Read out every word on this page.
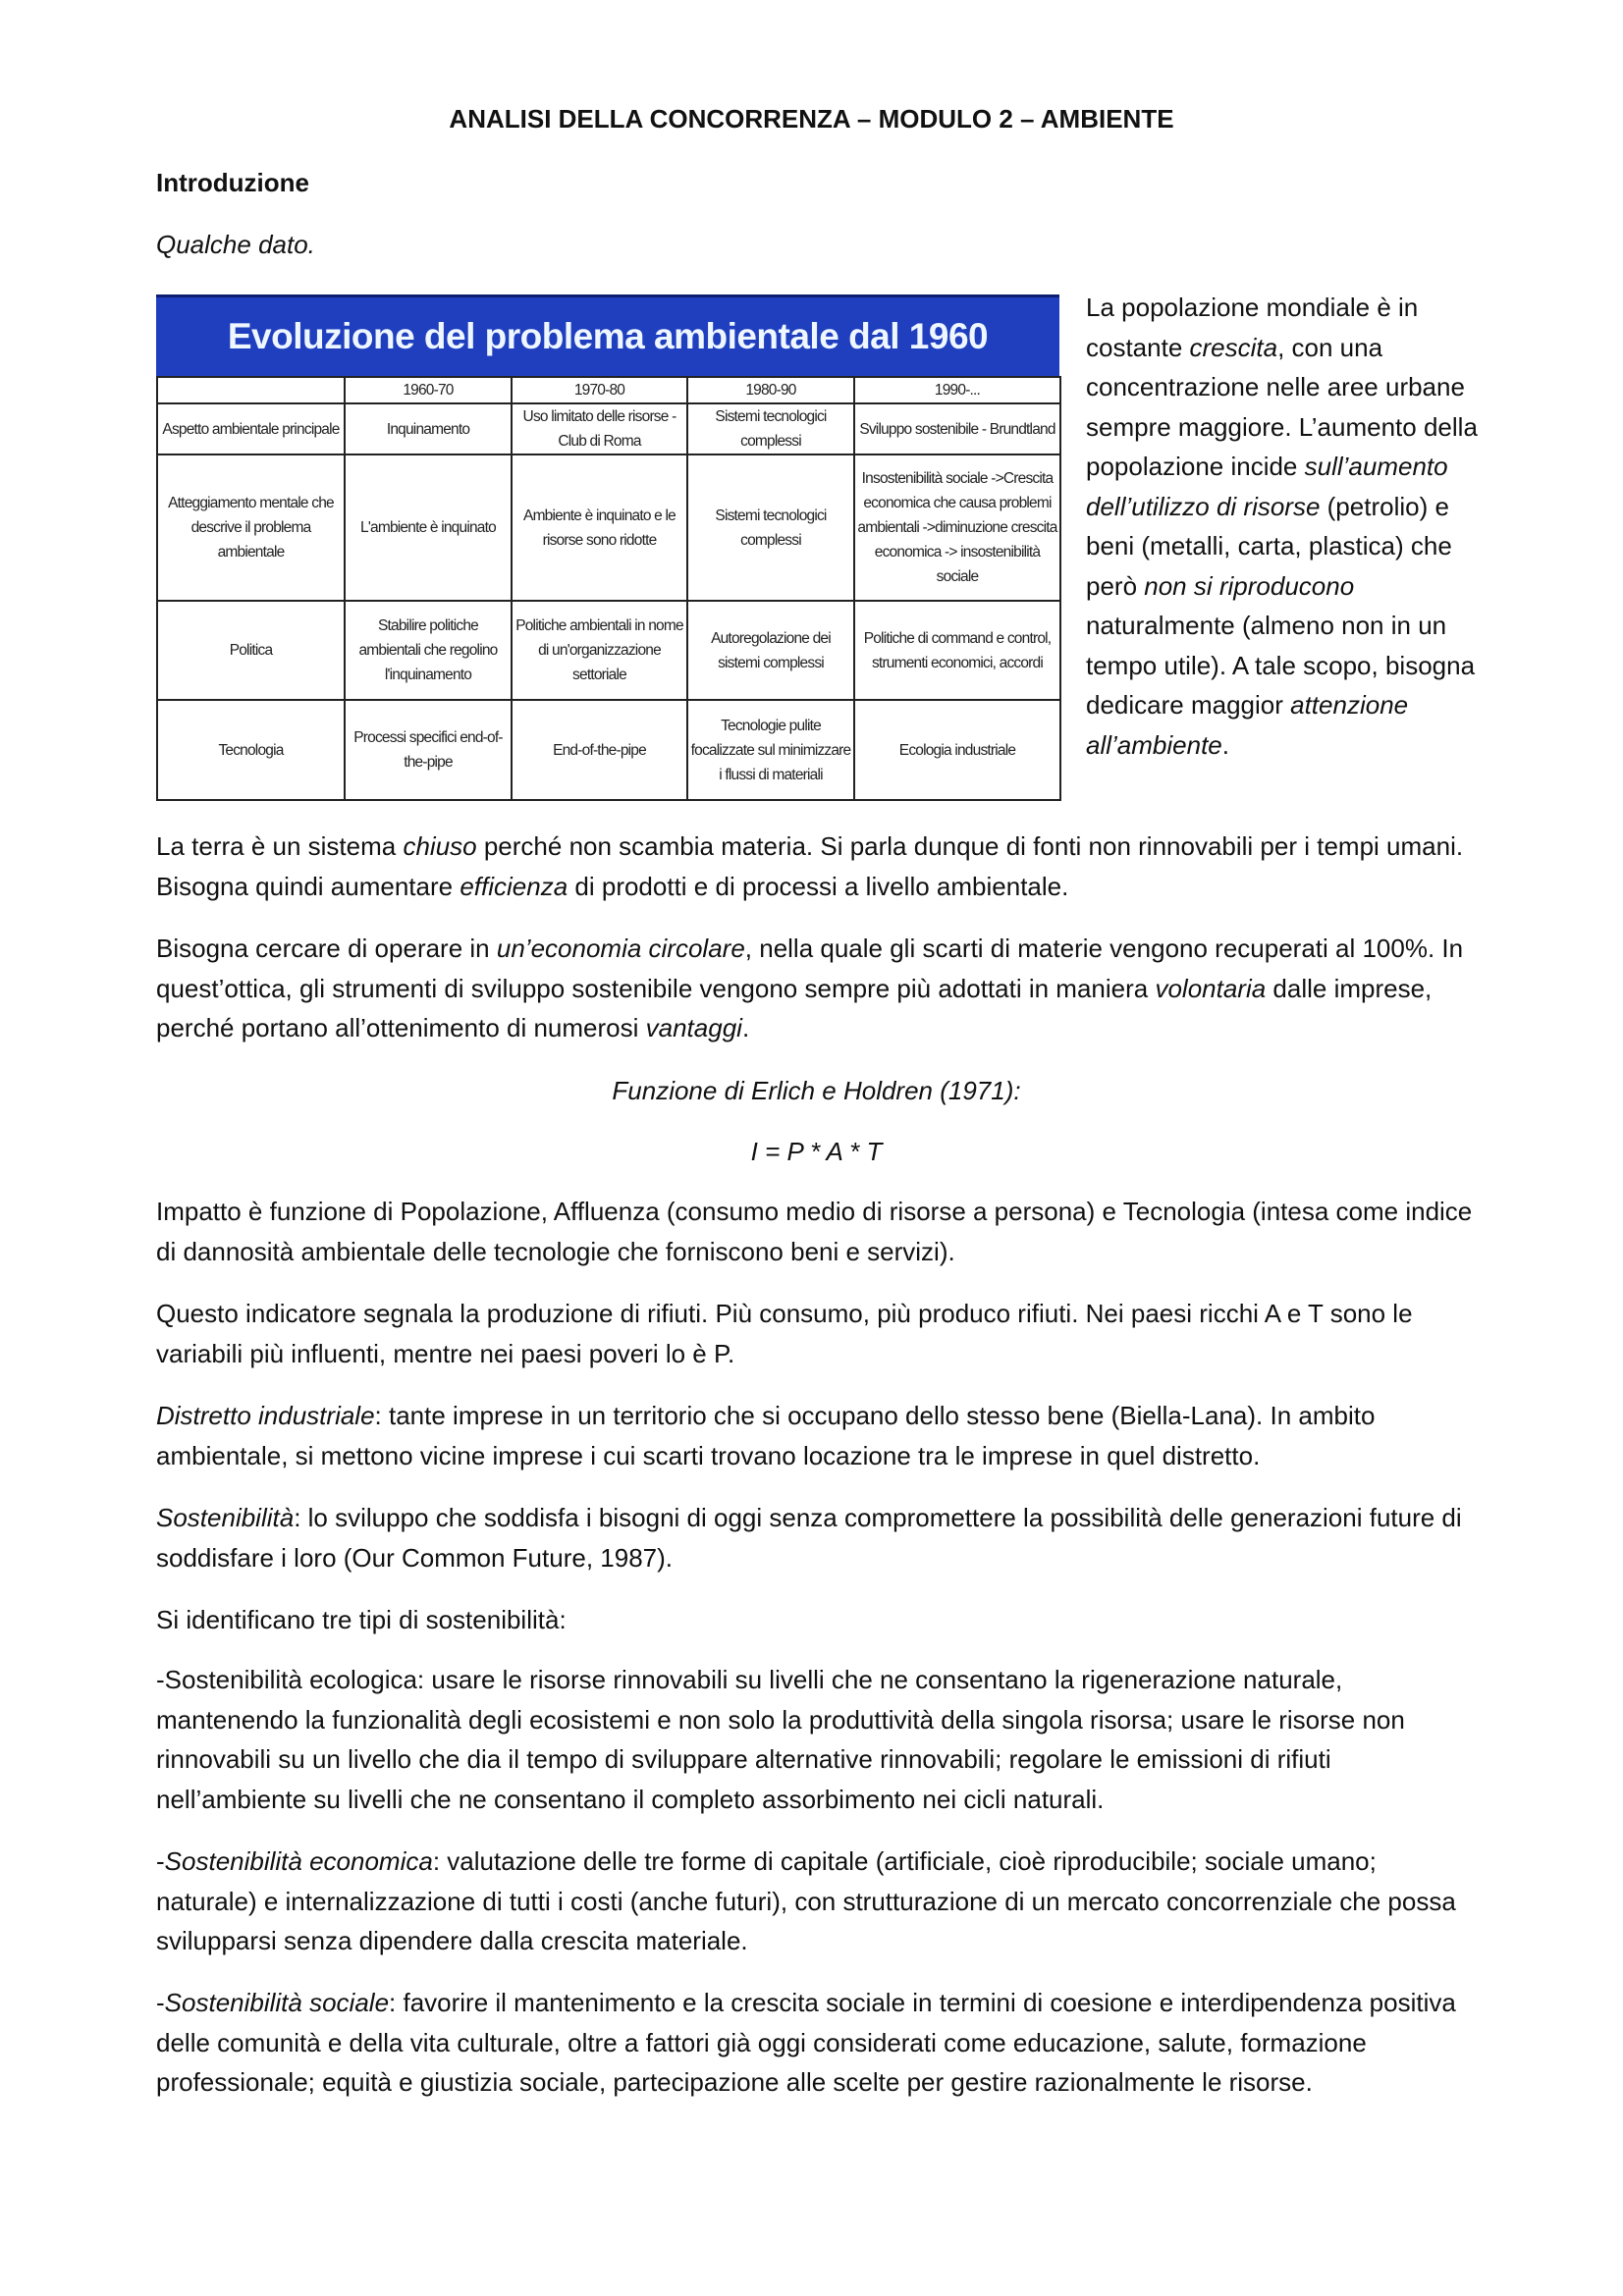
ANALISI DELLA CONCORRENZA – MODULO 2 – AMBIENTE

Introduzione

Qualche dato.

Evoluzione del problema ambientale dal 1960
	1960-70	1970-80	1980-90	1990-...
Aspetto ambientale principale	Inquinamento	Uso limitato delle risorse - Club di Roma	Sistemi tecnologici complessi	Sviluppo sostenibile - Brundtland
Atteggiamento mentale che descrive il problema ambientale	L'ambiente è inquinato	Ambiente è inquinato e le risorse sono ridotte	Sistemi tecnologici complessi	Insostenibilità sociale ->Crescita economica che causa problemi ambientali ->diminuzione crescita economica -> insostenibilità sociale
Politica	Stabilire politiche ambientali che regolino l'inquinamento	Politiche ambientali in nome di un'organizzazione settoriale	Autoregolazione dei sistemi complessi	Politiche di command e control, strumenti economici, accordi
Tecnologia	Processi specifici end-of-the-pipe	End-of-the-pipe	Tecnologie pulite focalizzate sul minimizzare i flussi di materiali	Ecologia industriale
La popolazione mondiale è in costante crescita, con una concentrazione nelle aree urbane sempre maggiore. L’aumento della popolazione incide sull’aumento dell’utilizzo di risorse (petrolio) e beni (metalli, carta, plastica) che però non si riproducono naturalmente (almeno non in un tempo utile). A tale scopo, bisogna dedicare maggior attenzione all’ambiente.

La terra è un sistema chiuso perché non scambia materia. Si parla dunque di fonti non rinnovabili per i tempi umani. Bisogna quindi aumentare efficienza di prodotti e di processi a livello ambientale.

Bisogna cercare di operare in un’economia circolare, nella quale gli scarti di materie vengono recuperati al 100%. In quest’ottica, gli strumenti di sviluppo sostenibile vengono sempre più adottati in maniera volontaria dalle imprese, perché portano all’ottenimento di numerosi vantaggi.

Funzione di Erlich e Holdren (1971):

I = P * A * T

Impatto è funzione di Popolazione, Affluenza (consumo medio di risorse a persona) e Tecnologia (intesa come indice di dannosità ambientale delle tecnologie che forniscono beni e servizi).

Questo indicatore segnala la produzione di rifiuti. Più consumo, più produco rifiuti. Nei paesi ricchi A e T sono le variabili più influenti, mentre nei paesi poveri lo è P.

Distretto industriale: tante imprese in un territorio che si occupano dello stesso bene (Biella-Lana). In ambito ambientale, si mettono vicine imprese i cui scarti trovano locazione tra le imprese in quel distretto.

Sostenibilità: lo sviluppo che soddisfa i bisogni di oggi senza compromettere la possibilità delle generazioni future di soddisfare i loro (Our Common Future, 1987).

Si identificano tre tipi di sostenibilità:

-Sostenibilità ecologica: usare le risorse rinnovabili su livelli che ne consentano la rigenerazione naturale, mantenendo la funzionalità degli ecosistemi e non solo la produttività della singola risorsa; usare le risorse non rinnovabili su un livello che dia il tempo di sviluppare alternative rinnovabili; regolare le emissioni di rifiuti nell’ambiente su livelli che ne consentano il completo assorbimento nei cicli naturali.

-Sostenibilità economica: valutazione delle tre forme di capitale (artificiale, cioè riproducibile; sociale umano; naturale) e internalizzazione di tutti i costi (anche futuri), con strutturazione di un mercato concorrenziale che possa svilupparsi senza dipendere dalla crescita materiale.

-Sostenibilità sociale: favorire il mantenimento e la crescita sociale in termini di coesione e interdipendenza positiva delle comunità e della vita culturale, oltre a fattori già oggi considerati come educazione, salute, formazione professionale; equità e giustizia sociale, partecipazione alle scelte per gestire razionalmente le risorse.
